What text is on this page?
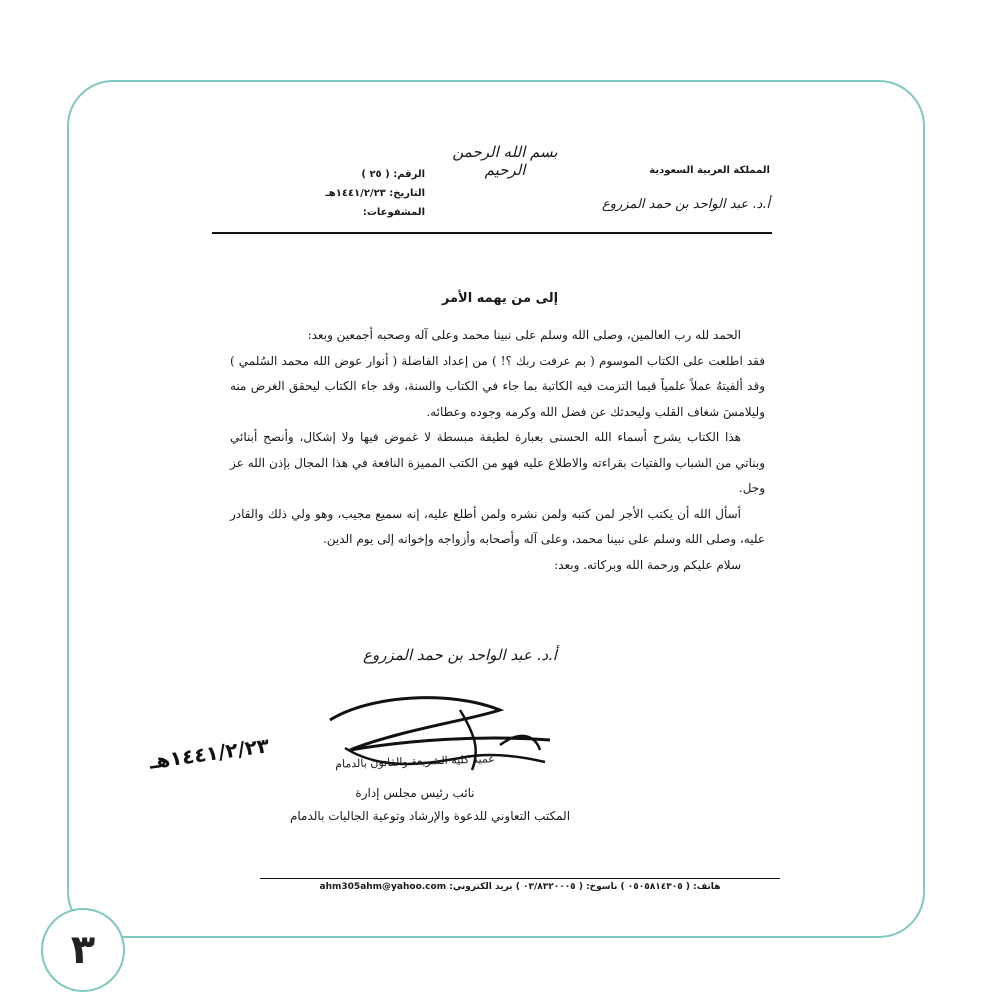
بسم الله الرحمن الرحيم
الرقم: ( ٢٥ )
التاريخ: ١٤٤١/٢/٢٣هـ
المشفوعات:
المملكة العربية السعودية
أ.د. عبد الواحد بن حمد المزروع
إلى من يهمه الأمر

الحمد لله رب العالمين، وصلى الله وسلم على نبينا محمد وعلى آله وصحبه أجمعين وبعد:

فقد اطلعت على الكتاب الموسوم ( بم عرفت ربك ؟! ) من إعداد الفاضلة ( أنوار عوض الله محمد السُلمي ) وقد ألفيتهُ عملاً علمياً قيما التزمت فيه الكاتبة بما جاء في الكتاب والسنة، وقد جاء الكتاب ليحقق الغرض منه وليلامسَ شغاف القلب وليحدثك عن فضل الله وكرمه وجوده وعطائه.

هذا الكتاب يشرح أسماء الله الحسنى بعبارة لطيفة مبسطة لا غموض فيها ولا إشكال، وأنصح أبنائي وبناتي من الشباب والفتيات بقراءته والاطلاع عليه فهو من الكتب المميزة النافعة في هذا المجال بإذن الله عز وجل.

أسأل الله أن يكتب الأجر لمن كتبه ولمن نشره ولمن أطلع عليه، إنه سميع مجيب، وهو ولي ذلك والقادر عليه، وصلى الله وسلم على نبينا محمد، وعلى آله وأصحابه وأزواجه وإخوانه إلى يوم الدين.

سلام عليكم ورحمة الله وبركاته. وبعد:

أ.د. عبد الواحد بن حمد المزروع
١٤٤١/٢/٢٣هـ	عميد كلية الشريعة والقانون بالدمام
نائب رئيس مجلس إدارة
المكتب التعاوني للدعوة والإرشاد وتوعية الجاليات بالدمام
هاتف: ( ٠٥٠٥٨١٤٣٠٥ ) ناسوخ: ( ٠٣/٨٣٢٠٠٠٥ ) بريد الكتروني: ahm305ahm@yahoo.com
٣
